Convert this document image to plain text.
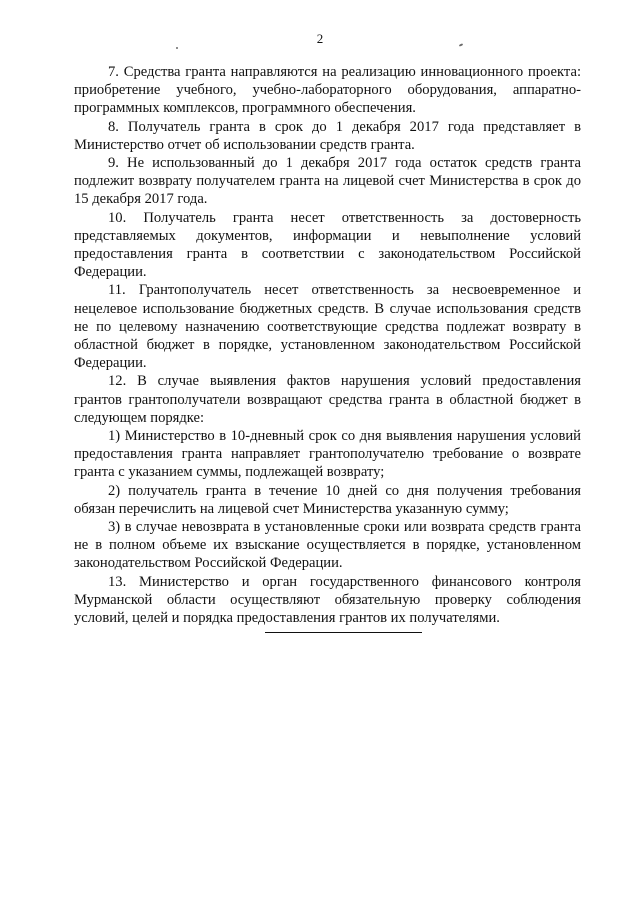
2

7. Средства гранта направляются на реализацию инновационного проекта: приобретение учебного, учебно-лабораторного оборудования, аппаратно-программных комплексов, программного обеспечения.

8. Получатель гранта в срок до 1 декабря 2017 года представляет в Министерство отчет об использовании средств гранта.

9. Не использованный до 1 декабря 2017 года остаток средств гранта подлежит возврату получателем гранта на лицевой счет Министерства в срок до 15 декабря 2017 года.

10. Получатель гранта несет ответственность за достоверность представляемых документов, информации и невыполнение условий предоставления гранта в соответствии с законодательством Российской Федерации.

11. Грантополучатель несет ответственность за несвоевременное и нецелевое использование бюджетных средств. В случае использования средств не по целевому назначению соответствующие средства подлежат возврату в областной бюджет в порядке, установленном законодательством Российской Федерации.

12. В случае выявления фактов нарушения условий предоставления грантов грантополучатели возвращают средства гранта в областной бюджет в следующем порядке:

1) Министерство в 10-дневный срок со дня выявления нарушения условий предоставления гранта направляет грантополучателю требование о возврате гранта с указанием суммы, подлежащей возврату;

2) получатель гранта в течение 10 дней со дня получения требования обязан перечислить на лицевой счет Министерства указанную сумму;

3) в случае невозврата в установленные сроки или возврата средств гранта не в полном объеме их взыскание осуществляется в порядке, установленном законодательством Российской Федерации.

13. Министерство и орган государственного финансового контроля Мурманской области осуществляют обязательную проверку соблюдения условий, целей и порядка предоставления грантов их получателями.
